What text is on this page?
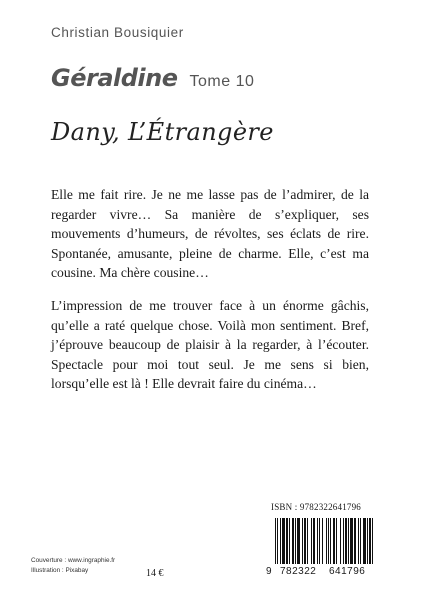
Christian Bousiquier
Géraldine Tome 10
Dany, L’Étrangère

Elle me fait rire. Je ne me lasse pas de l’admirer, de la regarder vivre… Sa manière de s’expliquer, ses mouvements d’humeurs, de révoltes, ses éclats de rire. Spontanée, amusante, pleine de charme. Elle, c’est ma cousine. Ma chère cousine…

L’impression de me trouver face à un énorme gâchis, qu’elle a raté quelque chose. Voilà mon sentiment. Bref, j’éprouve beaucoup de plaisir à la regarder, à l’écouter. Spectacle pour moi tout seul. Je me sens si bien, lorsqu’elle est là ! Elle devrait faire du cinéma…

ISBN : 9782322641796
9 782322 641796
Couverture : www.ingraphie.fr
Illustration : Pixabay	14 €
